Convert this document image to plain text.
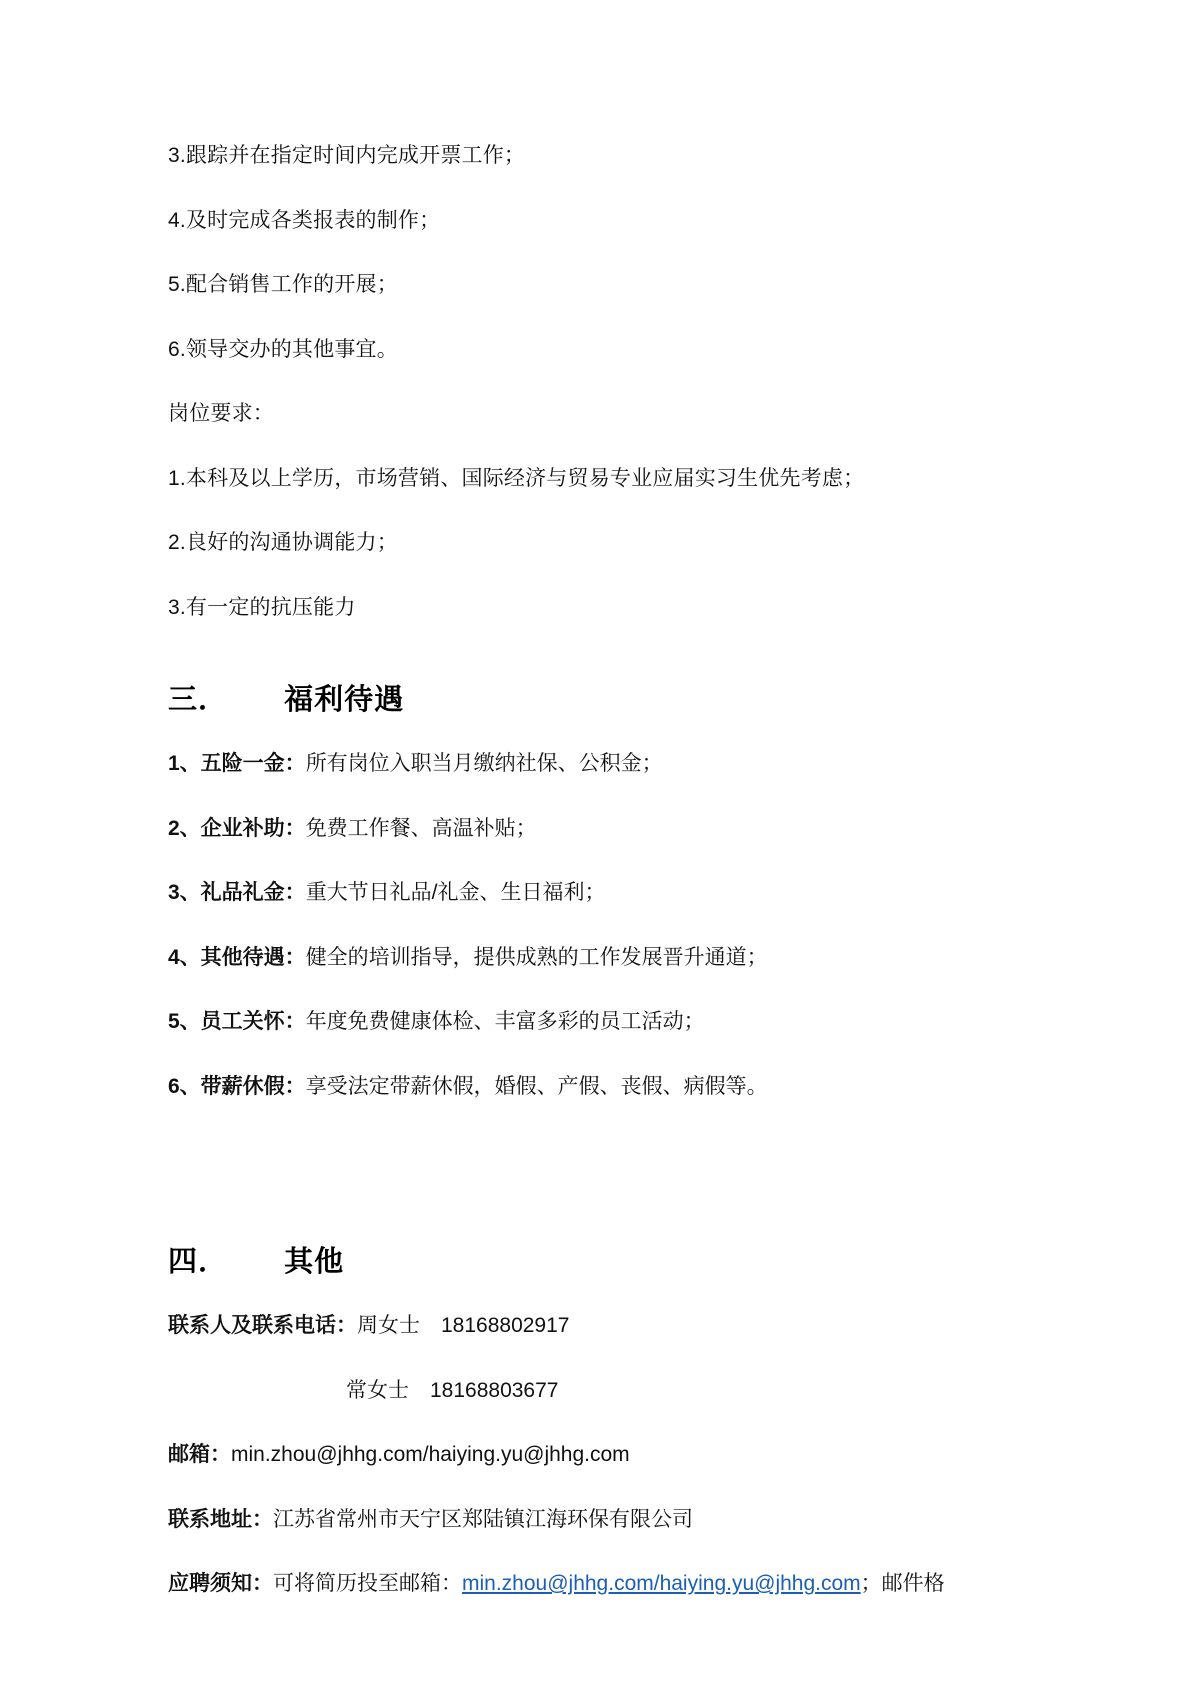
3.跟踪并在指定时间内完成开票工作；

4.及时完成各类报表的制作；

5.配合销售工作的开展；

6.领导交办的其他事宜。

岗位要求：

1.本科及以上学历，市场营销、国际经济与贸易专业应届实习生优先考虑；

2.良好的沟通协调能力；

3.有一定的抗压能力

三． 福利待遇

1、五险一金：所有岗位入职当月缴纳社保、公积金；

2、企业补助：免费工作餐、高温补贴；

3、礼品礼金：重大节日礼品/礼金、生日福利；

4、其他待遇：健全的培训指导，提供成熟的工作发展晋升通道；

5、员工关怀：年度免费健康体检、丰富多彩的员工活动；

6、带薪休假：享受法定带薪休假，婚假、产假、丧假、病假等。

四． 其他

联系人及联系电话：周女士　18168802917

常女士　18168803677

邮箱：min.zhou@jhhg.com/haiying.yu@jhhg.com

联系地址：江苏省常州市天宁区郑陆镇江海环保有限公司

应聘须知：可将简历投至邮箱：min.zhou@jhhg.com/haiying.yu@jhhg.com；邮件格
